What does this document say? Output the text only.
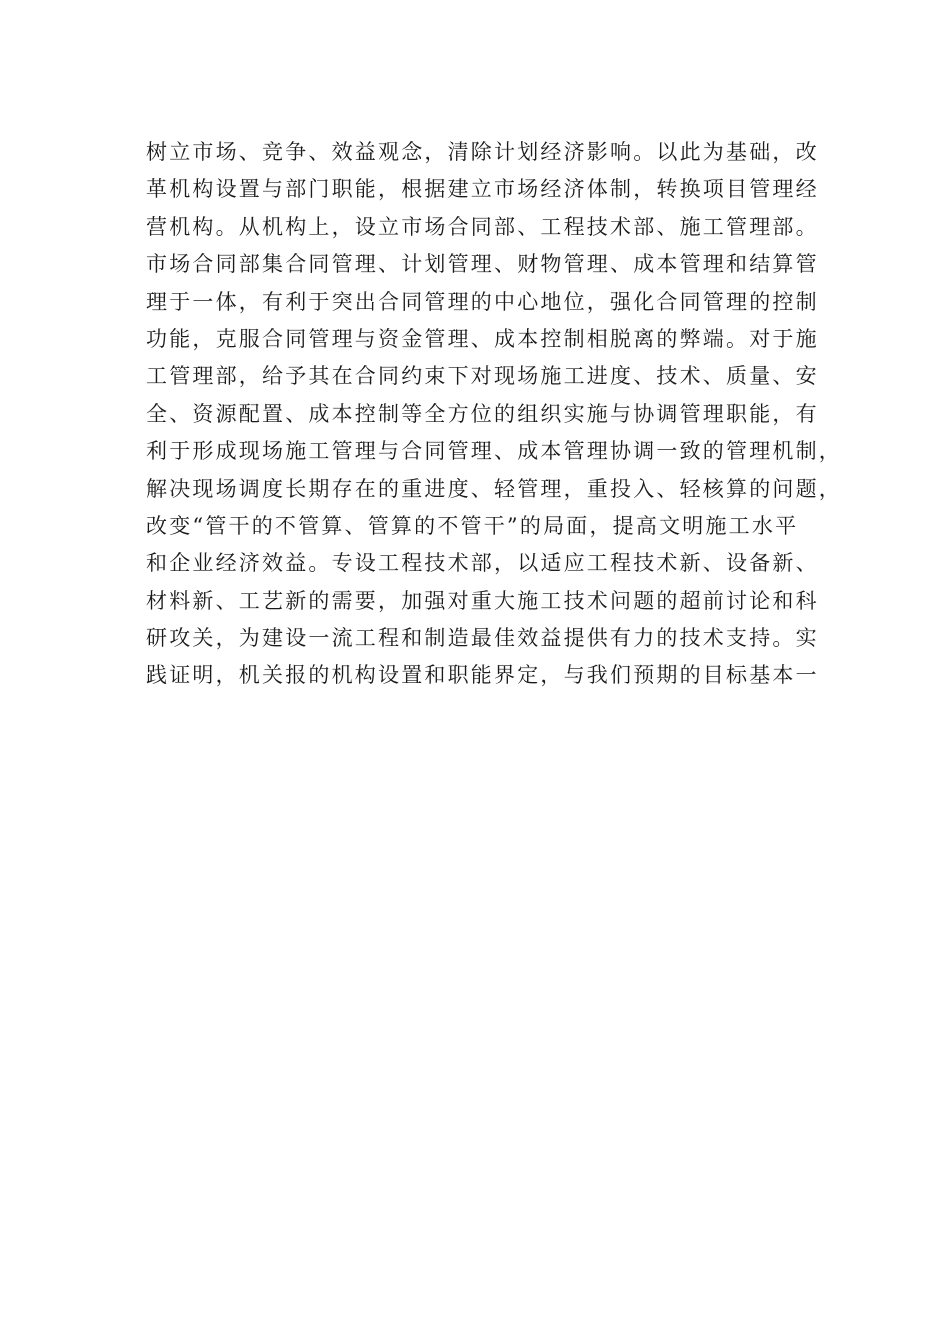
树立市场、竞争、效益观念，清除计划经济影响。以此为基础，改

革机构设置与部门职能，根据建立市场经济体制，转换项目管理经

营机构。从机构上，设立市场合同部、工程技术部、施工管理部。

市场合同部集合同管理、计划管理、财物管理、成本管理和结算管

理于一体，有利于突出合同管理的中心地位，强化合同管理的控制

功能，克服合同管理与资金管理、成本控制相脱离的弊端。对于施

工管理部，给予其在合同约束下对现场施工进度、技术、质量、安

全、资源配置、成本控制等全方位的组织实施与协调管理职能，有

利于形成现场施工管理与合同管理、成本管理协调一致的管理机制，

解决现场调度长期存在的重进度、轻管理，重投入、轻核算的问题，

改变“管干的不管算、管算的不管干”的局面，提高文明施工水平

和企业经济效益。专设工程技术部，以适应工程技术新、设备新、

材料新、工艺新的需要，加强对重大施工技术问题的超前讨论和科

研攻关，为建设一流工程和制造最佳效益提供有力的技术支持。实

践证明，机关报的机构设置和职能界定，与我们预期的目标基本一
